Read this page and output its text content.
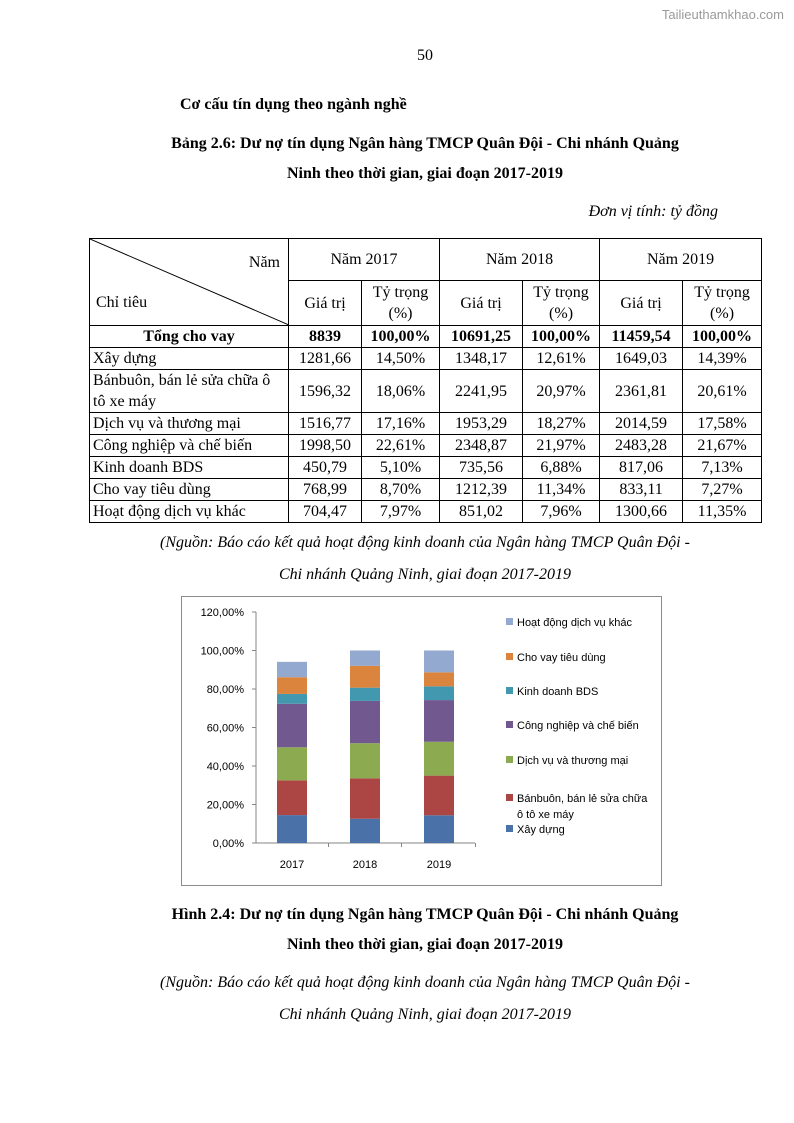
Tailieuthamkhao.com
50
Cơ cấu tín dụng theo ngành nghề
Bảng 2.6: Dư nợ tín dụng Ngân hàng TMCP Quân Đội - Chi nhánh Quảng
Ninh theo thời gian, giai đoạn 2017-2019
Đơn vị tính: tỷ đồng
Năm
Chỉ tiêu	Năm 2017		Năm 2018		Năm 2019	
	Giá trị	Tỷ trọng (%)	Giá trị	Tỷ trọng (%)	Giá trị	Tỷ trọng (%)
Tổng cho vay	8839	100,00%	10691,25	100,00%	11459,54	100,00%
Xây dựng	1281,66	14,50%	1348,17	12,61%	1649,03	14,39%
Bánbuôn, bán lẻ sửa chữa ô tô xe máy	1596,32	18,06%	2241,95	20,97%	2361,81	20,61%
Dịch vụ và thương mại	1516,77	17,16%	1953,29	18,27%	2014,59	17,58%
Công nghiệp và chế biến	1998,50	22,61%	2348,87	21,97%	2483,28	21,67%
Kinh doanh BDS	450,79	5,10%	735,56	6,88%	817,06	7,13%
Cho vay tiêu dùng	768,99	8,70%	1212,39	11,34%	833,11	7,27%
Hoạt động dịch vụ khác	704,47	7,97%	851,02	7,96%	1300,66	11,35%
(Nguồn: Báo cáo kết quả hoạt động kinh doanh của Ngân hàng TMCP Quân Đội -
Chi nhánh Quảng Ninh, giai đoạn 2017-2019
0,00%
20,00%
40,00%
60,00%
80,00%
100,00%
120,00%
2017	2018	2019
Xây dựng
Bánbuôn, bán lẻ sửa chữa
ô tô xe máy
Dịch vụ và thương mại
Công nghiệp và chế biến
Kinh doanh BDS
Cho vay tiêu dùng
Hoạt động dịch vụ khác
Hình 2.4: Dư nợ tín dụng Ngân hàng TMCP Quân Đội - Chi nhánh Quảng
Ninh theo thời gian, giai đoạn 2017-2019
(Nguồn: Báo cáo kết quả hoạt động kinh doanh của Ngân hàng TMCP Quân Đội -
Chi nhánh Quảng Ninh, giai đoạn 2017-2019
